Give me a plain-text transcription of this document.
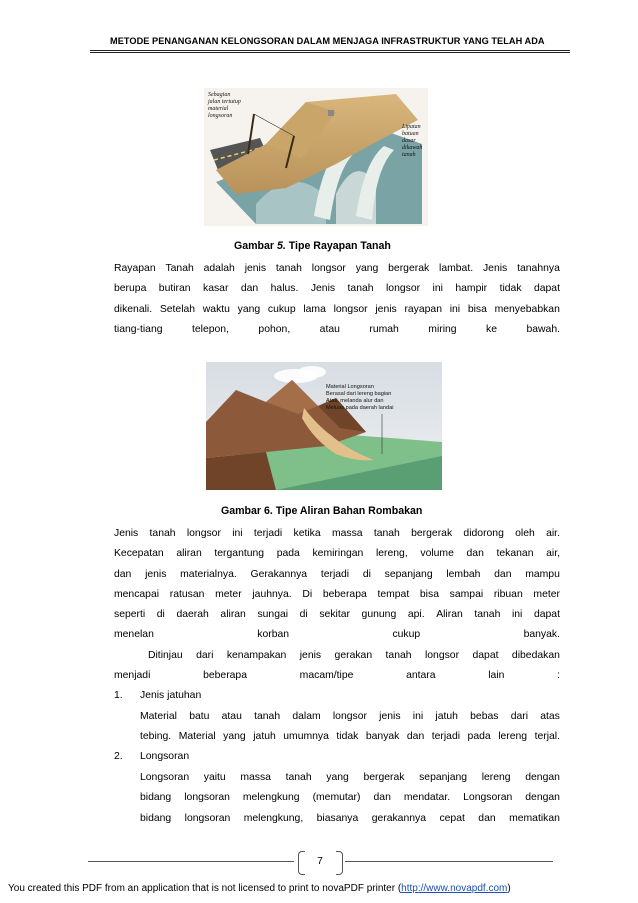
METODE PENANGANAN KELONGSORAN DALAM MENJAGA INFRASTRUKTUR YANG TELAH ADA
Sebagian
jalan tertutup
material
longsoran
Lipatan
batuan
dasar
dikawah
tanah
Gambar 5. Tipe Rayapan Tanah
Rayapan Tanah adalah jenis tanah longsor yang bergerak lambat. Jenis tanahnya
berupa butiran kasar dan halus. Jenis tanah longsor ini hampir tidak dapat
dikenali. Setelah waktu yang cukup lama longsor jenis rayapan ini bisa menyebabkan
tiang-tiang telepon, pohon, atau rumah miring ke bawah.
Material Longsoran
Berasal dari lereng bagian
Atas, melanda alur dan
Meluas pada daerah landai
Gambar 6. Tipe Aliran Bahan Rombakan
Jenis tanah longsor ini terjadi ketika massa tanah bergerak didorong oleh air.
Kecepatan aliran tergantung pada kemiringan lereng, volume dan tekanan air,
dan jenis materialnya. Gerakannya terjadi di sepanjang lembah dan mampu
mencapai ratusan meter jauhnya. Di beberapa tempat bisa sampai ribuan meter
seperti di daerah aliran sungai di sekitar gunung api. Aliran tanah ini dapat
menelan korban cukup banyak.
Ditinjau dari kenampakan jenis gerakan tanah longsor dapat dibedakan
menjadi beberapa macam/tipe antara lain :
1. Jenis jatuhan
Material batu atau tanah dalam longsor jenis ini jatuh bebas dari atas
tebing. Material yang jatuh umumnya tidak banyak dan terjadi pada lereng terjal.
2. Longsoran
Longsoran yaitu massa tanah yang bergerak sepanjang lereng dengan
bidang longsoran melengkung (memutar) dan mendatar. Longsoran dengan
bidang longsoran melengkung, biasanya gerakannya cepat dan mematikan
7
You created this PDF from an application that is not licensed to print to novaPDF printer (http://www.novapdf.com)
